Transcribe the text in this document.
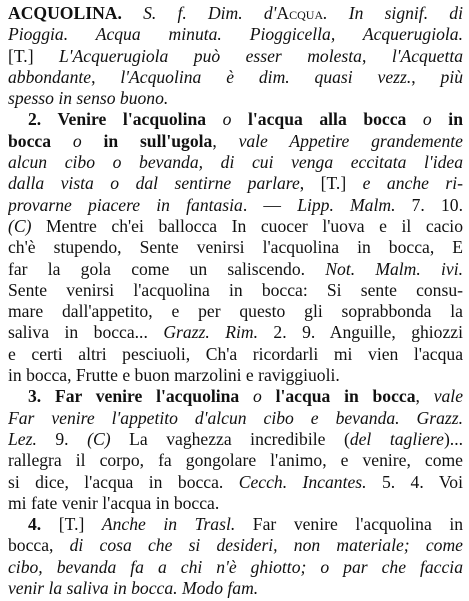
ACQUOLINA. S. f. Dim. d'Acqua. In signif. di
Pioggia. Acqua minuta. Pioggicella, Acquerugiola.
[T.] L'Acquerugiola può esser molesta, l'Acquetta
abbondante, l'Acquolina è dim. quasi vezz., più
spesso in senso buono.
2. Venire l'acquolina o l'acqua alla bocca o in
bocca o in sull'ugola, vale Appetire grandemente
alcun cibo o bevanda, di cui venga eccitata l'idea
dalla vista o dal sentirne parlare, [T.] e anche ri-
provarne piacere in fantasia. — Lipp. Malm. 7. 10.
(C) Mentre ch'ei ballocca In cuocer l'uova e il cacio
ch'è stupendo, Sente venirsi l'acquolina in bocca, E
far la gola come un saliscendo. Not. Malm. ivi.
Sente venirsi l'acquolina in bocca: Si sente consu-
mare dall'appetito, e per questo gli soprabbonda la
saliva in bocca... Grazz. Rim. 2. 9. Anguille, ghiozzi
e certi altri pesciuoli, Ch'a ricordarli mi vien l'acqua
in bocca, Frutte e buon marzolini e raviggiuoli.
3. Far venire l'acquolina o l'acqua in bocca, vale
Far venire l'appetito d'alcun cibo e bevanda. Grazz.
Lez. 9. (C) La vaghezza incredibile (del tagliere)...
rallegra il corpo, fa gongolare l'animo, e venire, come
si dice, l'acqua in bocca. Cecch. Incantes. 5. 4. Voi
mi fate venir l'acqua in bocca.
4. [T.] Anche in Trasl. Far venire l'acquolina in
bocca, di cosa che si desideri, non materiale; come
cibo, bevanda fa a chi n'è ghiotto; o par che faccia
venir la saliva in bocca. Modo fam.
